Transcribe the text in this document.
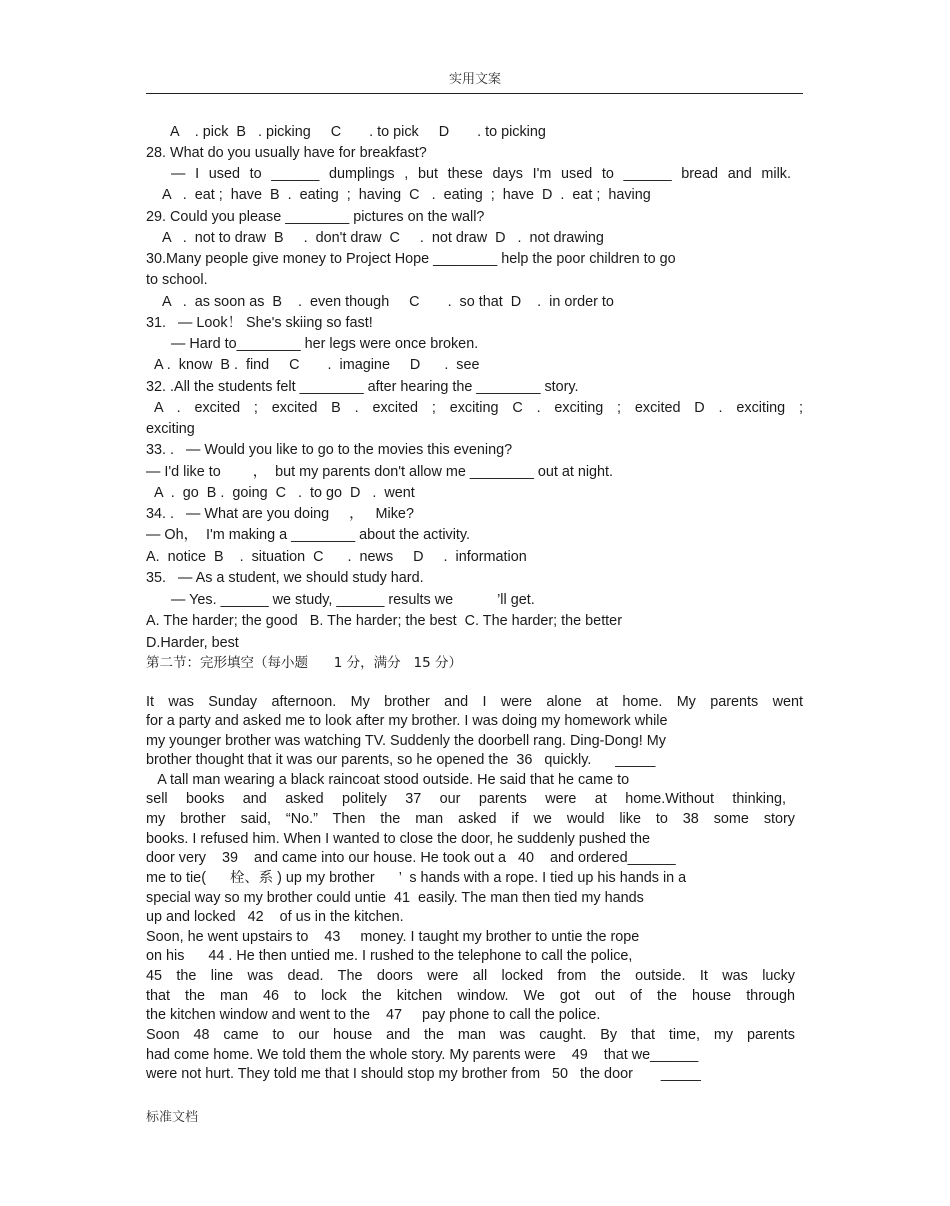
实用文案
A    . pick  B   . picking     C       . to pick     D       . to picking
28. What do you usually have for breakfast?
— I used to ______ dumplings , but these days I'm used to ______ bread and milk.
A   .  eat ;  have  B  .  eating  ;  having  C   .  eating  ;  have  D  .  eat ;  having
29. Could you please ________ pictures on the wall?
A   .  not to draw  B     .  don't draw  C     .  not draw  D   .  not drawing
30.Many people give money to Project Hope ________ help the poor children to go
to school.
A   .  as soon as  B    .  even though     C       .  so that  D    .  in order to
31.   — Look！ She's skiing so fast!
— Hard to________ her legs were once broken.
A .  know  B .  find     C       .  imagine     D      .  see
32. .All the students felt ________ after hearing the ________ story.
A . excited ; excited B . excited ; exciting C . exciting ; excited D . exciting ;
exciting
33. .   — Would you like to go to the movies this evening?
— I'd like to        ，  but my parents don't allow me ________ out at night.
A  .  go  B .  going  C   .  to go  D   .  went
34. .   — What are you doing     ，   Mike?
— Oh，  I'm making a ________ about the activity.
A.  notice  B    .  situation  C      .  news     D     .  information
35.   — As a student, we should study hard.
— Yes. ______ we study, ______ results we           ’ll get.
A. The harder; the good   B. The harder; the best  C. The harder; the better
D.Harder, best
第二节：完形填空（每小题      1 分，满分   15 分）
It was Sunday afternoon. My brother and I were alone at home. My parents went
for a party and asked me to look after my brother. I was doing my homework while
my younger brother was watching TV. Suddenly the doorbell rang. Ding-Dong! My
brother thought that it was our parents, so he opened the  36   quickly.      _____
A tall man wearing a black raincoat stood outside. He said that he came to
sell books and asked politely 37 our parents were at home.Without thinking,
my brother said, “No.” Then the man asked if we would like to 38 some story
books. I refused him. When I wanted to close the door, he suddenly pushed the
door very    39    and came into our house. He took out a   40    and ordered______
me to tie(      栓、系 ) up my brother      ’  s hands with a rope. I tied up his hands in a
special way so my brother could untie  41  easily. The man then tied my hands
up and locked   42    of us in the kitchen.
Soon, he went upstairs to    43     money. I taught my brother to untie the rope
on his      44 . He then untied me. I rushed to the telephone to call the police,
45 the line was dead. The doors were all locked from the outside. It was lucky
that the man 46 to lock the kitchen window. We got out of the house through
the kitchen window and went to the    47     pay phone to call the police.
Soon 48 came to our house and the man was caught. By that time, my parents
had come home. We told them the whole story. My parents were    49    that we______
were not hurt. They told me that I should stop my brother from   50   the door       _____
标准文档
